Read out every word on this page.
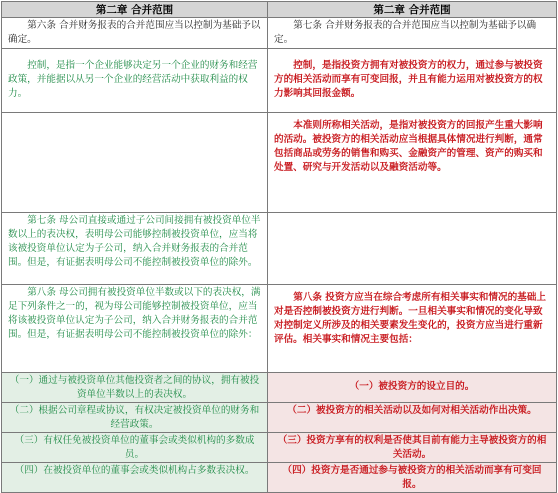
第二章 合并范围	第二章 合并范围
第六条 合并财务报表的合并范围应当以控制为基础予以确定。	第七条 合并财务报表的合并范围应当以控制为基础予以确定。
控制，是指一个企业能够决定另一个企业的财务和经营政策，并能据以从另一个企业的经营活动中获取利益的权力。	控制，是指投资方拥有对被投资方的权力，通过参与被投资方的相关活动而享有可变回报，并且有能力运用对被投资方的权力影响其回报金额。
	本准则所称相关活动，是指对被投资方的回报产生重大影响的活动。被投资方的相关活动应当根据具体情况进行判断，通常包括商品或劳务的销售和购买、金融资产的管理、资产的购买和处置、研究与开发活动以及融资活动等。
第七条 母公司直接或通过子公司间接拥有被投资单位半数以上的表决权，表明母公司能够控制被投资单位，应当将该被投资单位认定为子公司，纳入合并财务报表的合并范围。但是，有证据表明母公司不能控制被投资单位的除外。	
第八条 母公司拥有被投资单位半数或以下的表决权，满足下列条件之一的，视为母公司能够控制被投资单位，应当将该被投资单位认定为子公司，纳入合并财务报表的合并范围。但是，有证据表明母公司不能控制被投资单位的除外：	第八条 投资方应当在综合考虑所有相关事实和情况的基础上对是否控制被投资方进行判断。一旦相关事实和情况的变化导致对控制定义所涉及的相关要素发生变化的，投资方应当进行重新评估。相关事实和情况主要包括：
（一）通过与被投资单位其他投资者之间的协议，拥有被投资单位半数以上的表决权。	（一）被投资方的设立目的。
（二）根据公司章程或协议，有权决定被投资单位的财务和经营政策。	（二）被投资方的相关活动以及如何对相关活动作出决策。
（三）有权任免被投资单位的董事会或类似机构的多数成员。	（三）投资方享有的权利是否使其目前有能力主导被投资方的相关活动。
（四）在被投资单位的董事会或类似机构占多数表决权。	（四）投资方是否通过参与被投资方的相关活动而享有可变回报。
